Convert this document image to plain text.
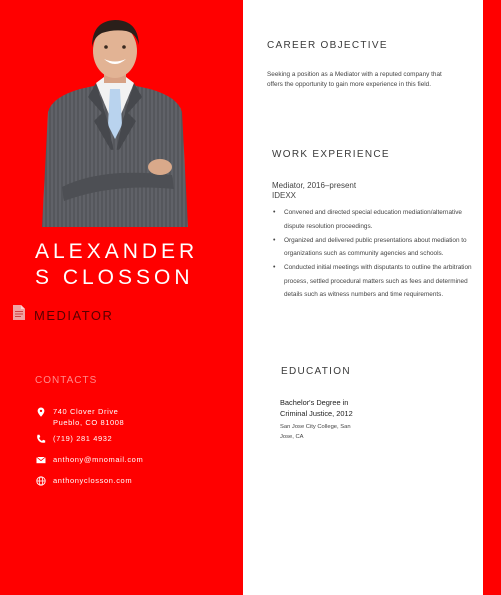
ALEXANDER
S CLOSSON
MEDIATOR
CONTACTS
740 Clover Drive
Pueblo, CO 81008
(719) 281 4932
anthony@mnomail.com
anthonyclosson.com
CAREER OBJECTIVE
Seeking a position as a Mediator with a reputed company that offers the opportunity to gain more experience in this field.
WORK EXPERIENCE
Mediator, 2016–present
IDEXX
• Convened and directed special education mediation/alternative dispute resolution proceedings.
• Organized and delivered public presentations about mediation to organizations such as community agencies and schools.
• Conducted initial meetings with disputants to outline the arbitration process, settled procedural matters such as fees and determined details such as witness numbers and time requirements.
EDUCATION
Bachelor's Degree in
Criminal Justice, 2012
San Jose City College, San
Jose, CA
